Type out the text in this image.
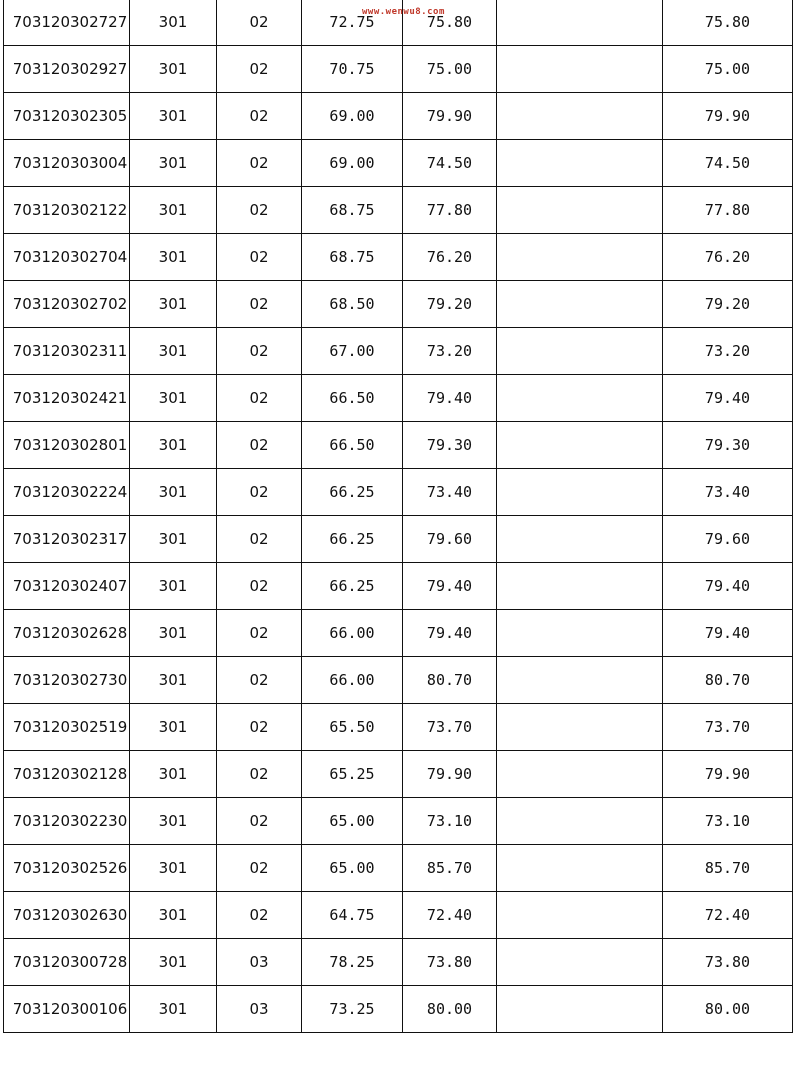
www.wenwu8.com
703120302727	301	02	72.75	75.80		75.80
703120302927	301	02	70.75	75.00		75.00
703120302305	301	02	69.00	79.90		79.90
703120303004	301	02	69.00	74.50		74.50
703120302122	301	02	68.75	77.80		77.80
703120302704	301	02	68.75	76.20		76.20
703120302702	301	02	68.50	79.20		79.20
703120302311	301	02	67.00	73.20		73.20
703120302421	301	02	66.50	79.40		79.40
703120302801	301	02	66.50	79.30		79.30
703120302224	301	02	66.25	73.40		73.40
703120302317	301	02	66.25	79.60		79.60
703120302407	301	02	66.25	79.40		79.40
703120302628	301	02	66.00	79.40		79.40
703120302730	301	02	66.00	80.70		80.70
703120302519	301	02	65.50	73.70		73.70
703120302128	301	02	65.25	79.90		79.90
703120302230	301	02	65.00	73.10		73.10
703120302526	301	02	65.00	85.70		85.70
703120302630	301	02	64.75	72.40		72.40
703120300728	301	03	78.25	73.80		73.80
703120300106	301	03	73.25	80.00		80.00
